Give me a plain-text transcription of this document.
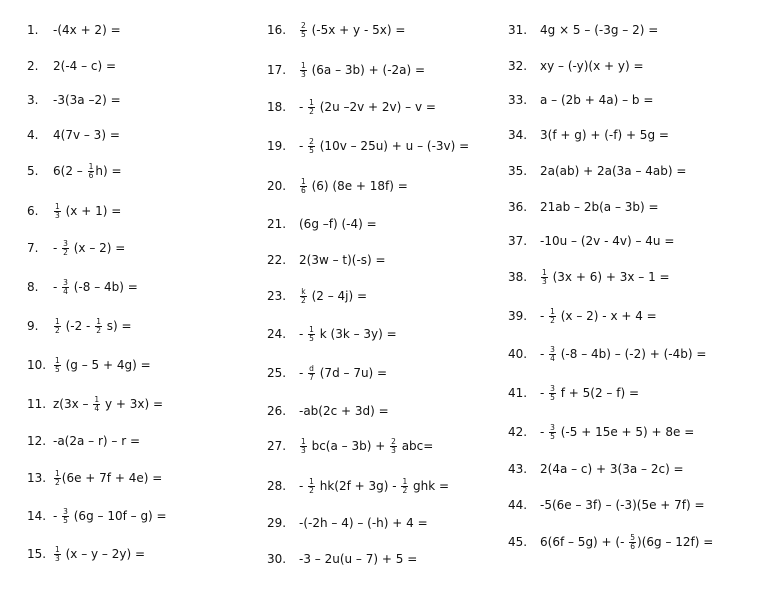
1. -(4x + 2) =
2. 2(-4 – c) =
3. -3(3a –2) =
4. 4(7v – 3) =
5. $6(2 - \frac{1}{6} h)$ =
6. $\frac{1}{3} (x + 1)$ =
7. - $\frac{3}{2} (x - 2)$ =
8. - $\frac{3}{4} (-8 - 4b)$ =
9. $\frac{1}{2} (-2 - \frac{1}{2} s)$ =
10. $\frac{1}{5} (g - 5 + 4g)$ =
11. $z(3x - \frac{1}{4}$ y + 3x) =
12. -a(2a – r) – r =
13. $\frac{1}{2} (6e + 7f + 4e)$ =
14. - $\frac{3}{5} (6g - 10f - g)$ =
15. $\frac{1}{3} (x$ – y – 2y) =
16. $\frac{2}{5} (-5x + y - 5x)$ =
17. $\frac{1}{3} (6a - 3b) + (-2a)$ =
18. - $\frac{1}{2} (2u$ –2v + 2v) – v =
19. - $\frac{2}{5} (10v - 25u) + u - (-3v)$ =
20. $\frac{1}{6} (6) (8e + 18f)$ =
21. (6g –f) (-4) =
22. 2(3w – t)(-s) =
23. $\frac{k}{2} (2 - 4j)$ =
24. - $\frac{1}{5}$ k (3k – 3y) =
25. - $\frac{d}{7} (7d - 7u)$ =
26. -ab(2c + 3d) =
27. $\frac{1}{3} bc(a - 3b) + \frac{2}{3} abc=$
28. - $\frac{1}{2} hk(2f + 3g) - \frac{1}{2}$ ghk =
29. -(-2h – 4) – (-h) + 4 =
30. -3 – 2u(u – 7) + 5 =
31. 4g × 5 – (-3g – 2) =
32. xy – (-y)(x + y) =
33. a – (2b + 4a) – b =
34. 3(f + g) + (-f) + 5g =
35. 2a(ab) + 2a(3a – 4ab) =
36. 21ab – 2b(a – 3b) =
37. -10u – (2v - 4v) – 4u =
38. $\frac{1}{3} (3x + 6) + 3x - 1$ =
39. - $\frac{1}{2} (x - 2) - x + 4$ =
40. - $\frac{3}{4} (-8 - 4b) - (-2) + (-4b)$ =
41. - $\frac{3}{5}$ f + 5(2 – f) =
42. - $\frac{3}{5} (-5 + 15e + 5) + 8e$ =
43. 2(4a – c) + 3(3a – 2c) =
44. -5(6e – 3f) – (-3)(5e + 7f) =
45. 6(6f – 5g) + (- $\frac{5}{6} )(6g - 12f)$ =
